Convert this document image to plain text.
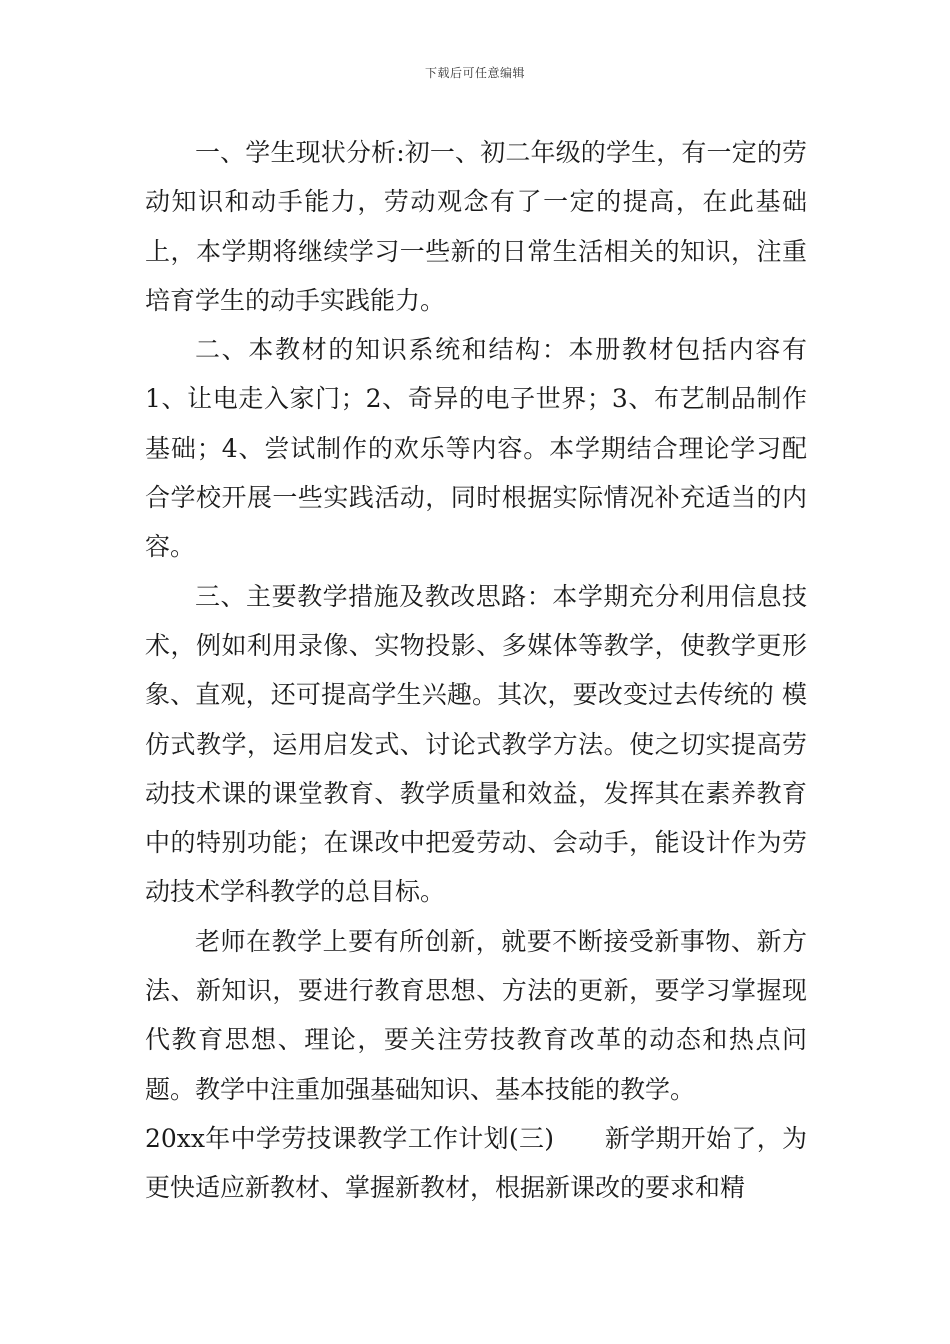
下载后可任意编辑

一、学生现状分析:初一、初二年级的学生，有一定的劳动知识和动手能力，劳动观念有了一定的提高，在此基础上，本学期将继续学习一些新的日常生活相关的知识，注重培育学生的动手实践能力。

二、本教材的知识系统和结构：本册教材包括内容有1、让电走入家门；2、奇异的电子世界；3、布艺制品制作基础；4、尝试制作的欢乐等内容。本学期结合理论学习配合学校开展一些实践活动，同时根据实际情况补充适当的内容。

三、主要教学措施及教改思路：本学期充分利用信息技术，例如利用录像、实物投影、多媒体等教学，使教学更形象、直观，还可提高学生兴趣。其次，要改变过去传统的 模仿式教学，运用启发式、讨论式教学方法。使之切实提高劳动技术课的课堂教育、教学质量和效益，发挥其在素养教育中的特别功能；在课改中把爱劳动、会动手，能设计作为劳动技术学科教学的总目标。

老师在教学上要有所创新，就要不断接受新事物、新方法、新知识，要进行教育思想、方法的更新，要学习掌握现代教育思想、理论，要关注劳技教育改革的动态和热点问题。教学中注重加强基础知识、基本技能的教学。

20xx年中学劳技课教学工作计划(三)　　新学期开始了，为更快适应新教材、掌握新教材，根据新课改的要求和精
